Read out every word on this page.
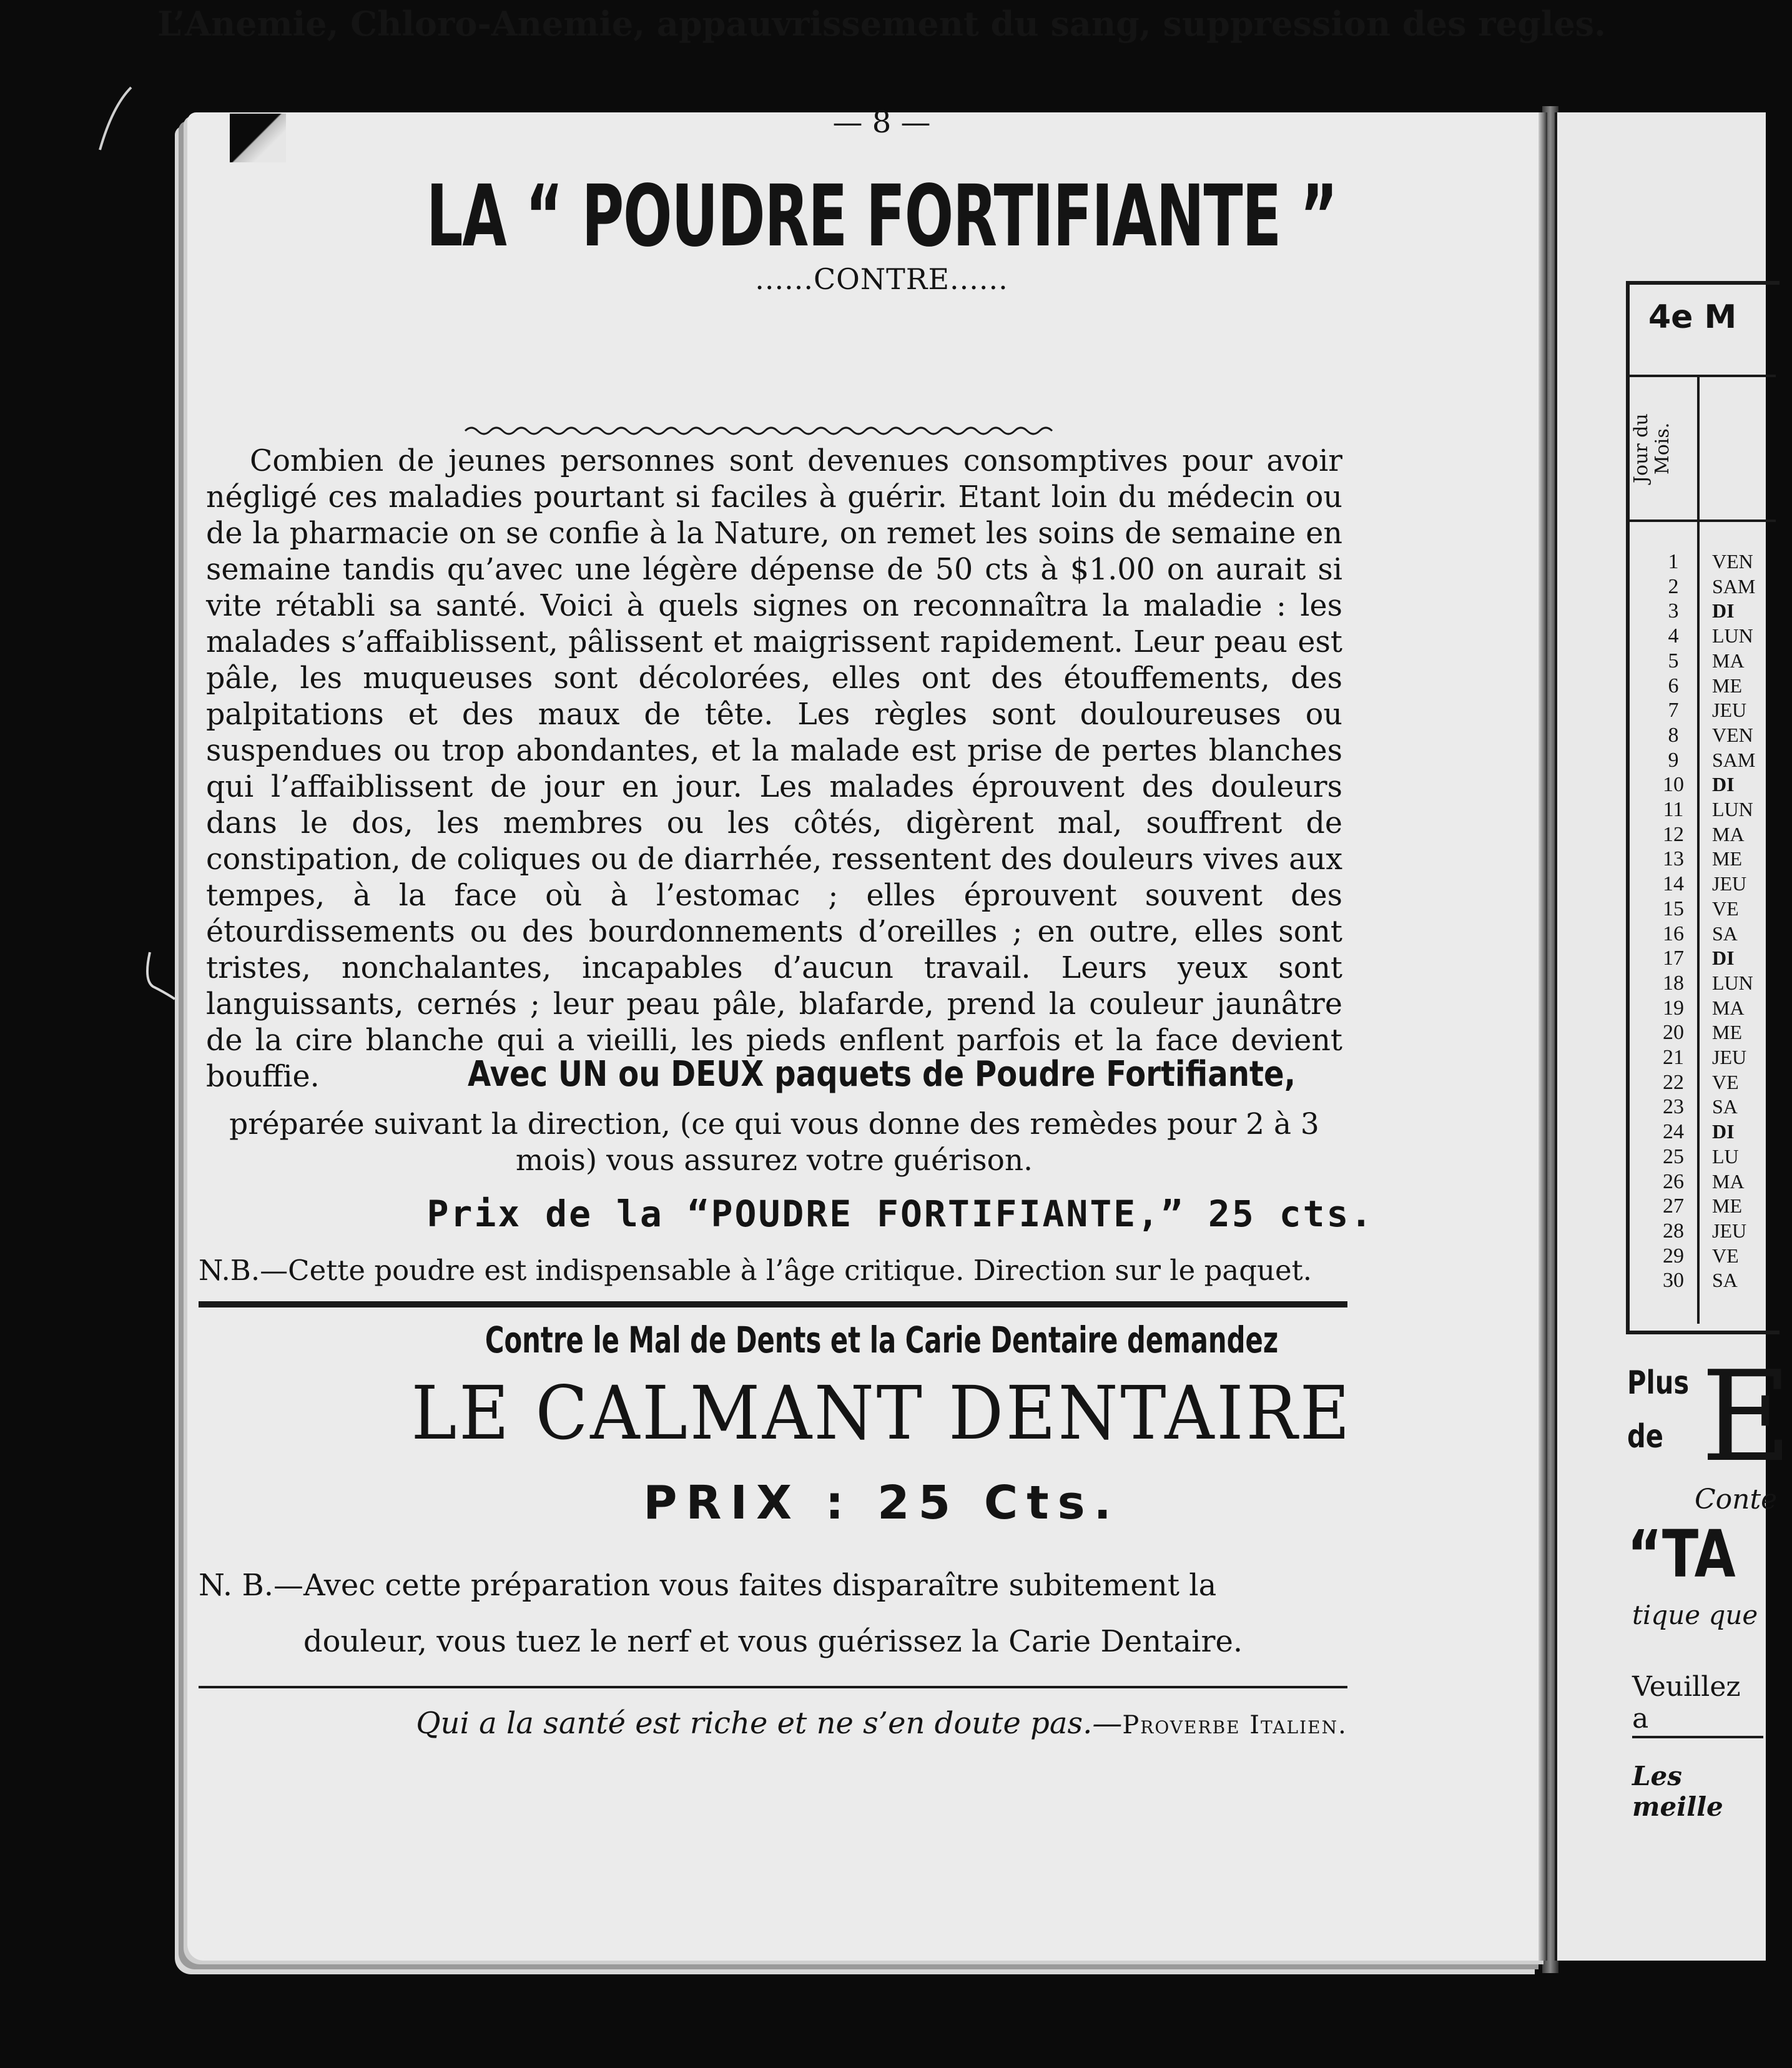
— 8 —
LA “ POUDRE FORTIFIANTE ”
......CONTRE......
L’Anemie, Chloro-Anemie, appauvrissement du sang, suppression des regles.
Combien de jeunes personnes sont devenues consomptives pour avoir négligé ces maladies pourtant si faciles à guérir. Etant loin du médecin ou de la pharmacie on se confie à la Nature, on remet les soins de semaine en semaine tandis qu’avec une légère dépense de 50 cts à $1.00 on aurait si vite rétabli sa santé. Voici à quels signes on reconnaîtra la maladie : les malades s’affaiblissent, pâlissent et maigrissent rapidement. Leur peau est pâle, les muqueuses sont décolorées, elles ont des étouffements, des palpitations et des maux de tête. Les règles sont douloureuses ou suspendues ou trop abondantes, et la malade est prise de pertes blanches qui l’affaiblissent de jour en jour. Les malades éprouvent des douleurs dans le dos, les membres ou les côtés, digèrent mal, souffrent de constipation, de coliques ou de diarrhée, ressentent des douleurs vives aux tempes, à la face où à l’estomac ; elles éprouvent souvent des étourdissements ou des bourdonnements d’oreilles ; en outre, elles sont tristes, nonchalantes, incapables d’aucun travail. Leurs yeux sont languissants, cernés ; leur peau pâle, blafarde, prend la couleur jaunâtre de la cire blanche qui a vieilli, les pieds enflent parfois et la face devient bouffie.	Avec UN ou DEUX paquets de Poudre Fortifiante,
préparée suivant la direction, (ce qui vous donne des remèdes pour 2 à 3 mois) vous assurez votre guérison.
Prix de la “POUDRE FORTIFIANTE,” 25 cts.
N.B.—Cette poudre est indispensable à l’âge critique. Direction sur le paquet.
Contre le Mal de Dents et la Carie Dentaire demandez
LE CALMANT DENTAIRE
PRIX : 25 Cts.
N. B.—Avec cette préparation vous faites disparaître subitement la
douleur, vous tuez le nerf et vous guérissez la Carie Dentaire.
Qui a la santé est riche et ne s’en doute pas.—Proverbe Italien.
4e M
Jour du Mois.
1
2
3
4
5
6
7
8
9
10
11
12
13
14
15
16
17
18
19
20
21
22
23
24
25
26
27
28
29
30
VEN
SAM
DI
LUN
MA
ME
JEU
VEN
SAM
DI
LUN
MA
ME
JEU
VE
SA
DI
LUN
MA
ME
JEU
VE
SA
DI
LU
MA
ME
JEU
VE
SA
Plus
de E
Conte
“TA
tique que
Veuillez a
Les meille
